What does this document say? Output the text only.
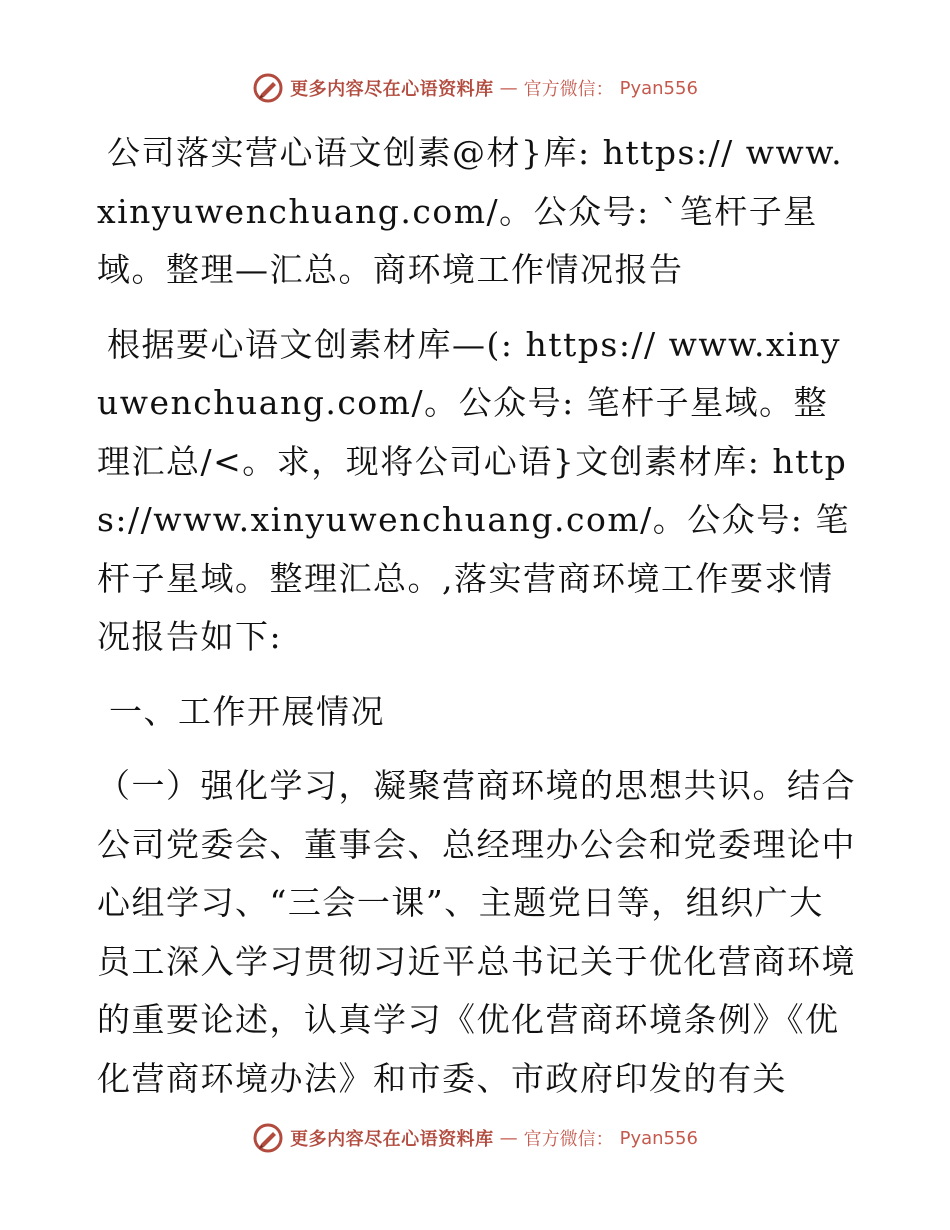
更多内容尽在心语资料库 — 官方微信： Pyan556

公司落实营心语文创素@材}库: https:// www.xinyuwenchuang.com/。公众号: `笔杆子星域。整理—汇总。商环境工作情况报告

根据要心语文创素材库—(: https:// www.xinyuwenchuang.com/。公众号: 笔杆子星域。整理汇总/<。求，现将公司心语}文创素材库: https://www.xinyuwenchuang.com/。公众号: 笔杆子星域。整理汇总。,落实营商环境工作要求情况报告如下:

一、工作开展情况

（一）强化学习，凝聚营商环境的思想共识。结合公司党委会、董事会、总经理办公会和党委理论中心组学习、“三会一课”、主题党日等，组织广大员工深入学习贯彻习近平总书记关于优化营商环境的重要论述，认真学习《优化营商环境条例》《优化营商环境办法》和市委、市政府印发的有关

更多内容尽在心语资料库 — 官方微信： Pyan556
